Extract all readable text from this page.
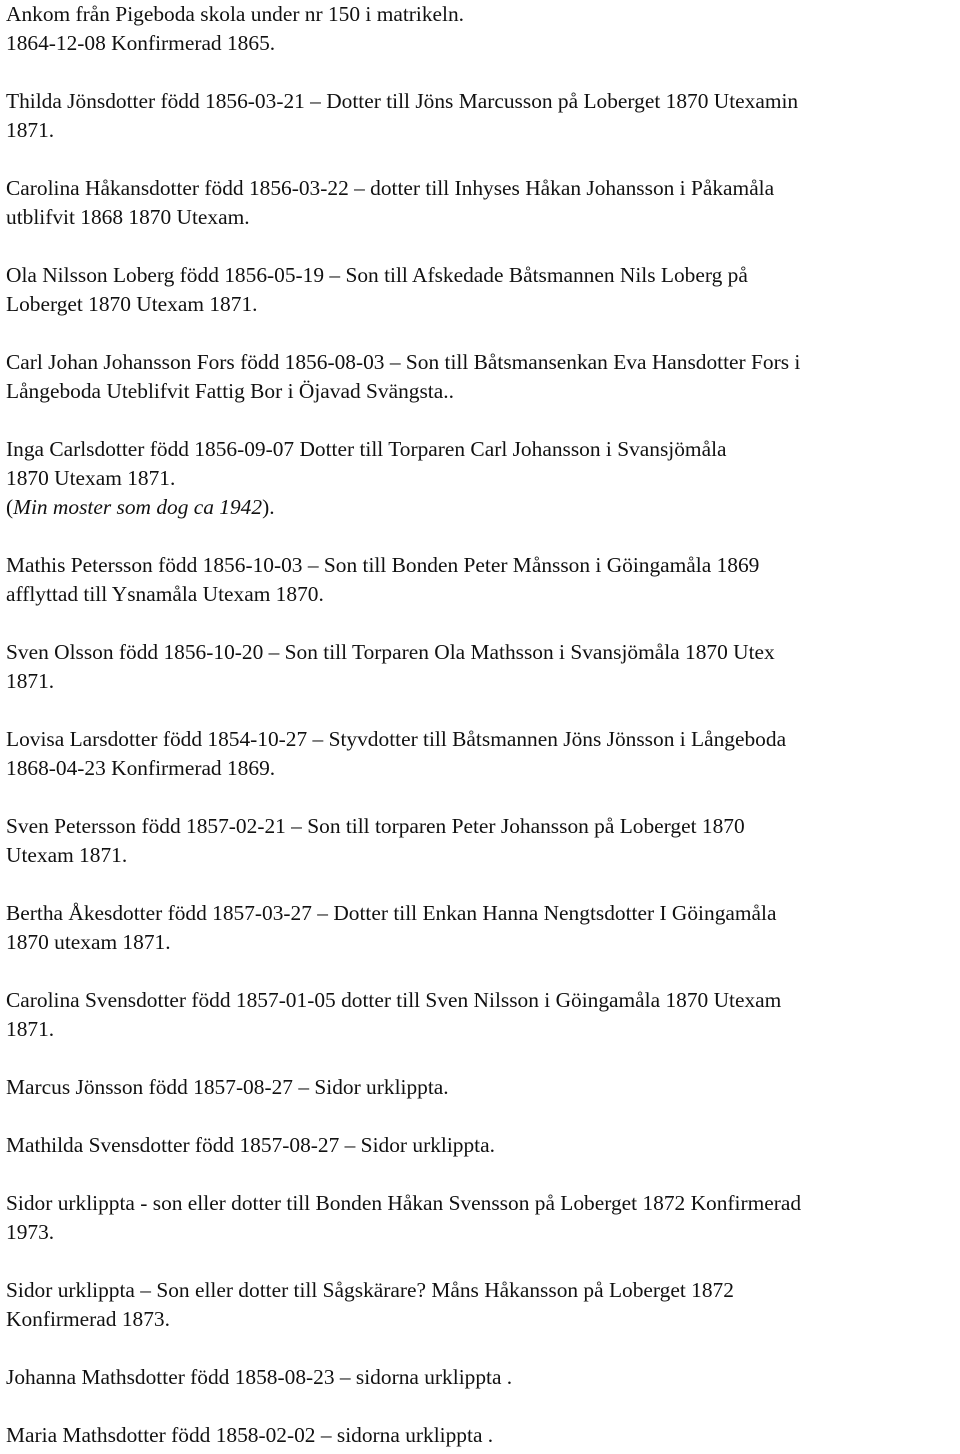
Ankom från Pigeboda skola under nr 150 i matrikeln.
1864-12-08 Konfirmerad 1865.
Thilda Jönsdotter född 1856-03-21 – Dotter till Jöns Marcusson på Loberget 1870 Utexamin
1871.
Carolina Håkansdotter född 1856-03-22 – dotter till Inhyses Håkan Johansson i Påkamåla
utblifvit 1868 1870 Utexam.
Ola Nilsson Loberg född 1856-05-19 – Son till Afskedade Båtsmannen Nils Loberg på
Loberget 1870 Utexam 1871.
Carl Johan Johansson Fors född 1856-08-03 – Son till Båtsmansenkan Eva Hansdotter Fors i
Långeboda Uteblifvit Fattig Bor i Öjavad Svängsta..
Inga Carlsdotter född 1856-09-07 Dotter till Torparen Carl Johansson i Svansjömåla
1870 Utexam 1871.
(Min moster som dog ca 1942).
Mathis Petersson född 1856-10-03 – Son till Bonden Peter Månsson i Göingamåla 1869
afflyttad till Ysnamåla Utexam 1870.
Sven Olsson född 1856-10-20 – Son till Torparen Ola Mathsson i Svansjömåla 1870 Utex
1871.
Lovisa Larsdotter född 1854-10-27 – Styvdotter till Båtsmannen Jöns Jönsson i Långeboda
1868-04-23 Konfirmerad 1869.
Sven Petersson född 1857-02-21 – Son till torparen Peter Johansson på Loberget 1870
Utexam 1871.
Bertha Åkesdotter född 1857-03-27 – Dotter till Enkan Hanna Nengtsdotter I Göingamåla
1870 utexam 1871.
Carolina Svensdotter född 1857-01-05 dotter till Sven Nilsson i Göingamåla 1870 Utexam
1871.
Marcus Jönsson född 1857-08-27 – Sidor urklippta.
Mathilda Svensdotter född 1857-08-27 – Sidor urklippta.
Sidor urklippta - son eller dotter till Bonden Håkan Svensson på Loberget 1872 Konfirmerad
1973.
Sidor urklippta – Son eller dotter till Sågskärare? Måns Håkansson på Loberget 1872
Konfirmerad 1873.
Johanna Mathsdotter född 1858-08-23 – sidorna urklippta .
Maria Mathsdotter född 1858-02-02 – sidorna urklippta .
